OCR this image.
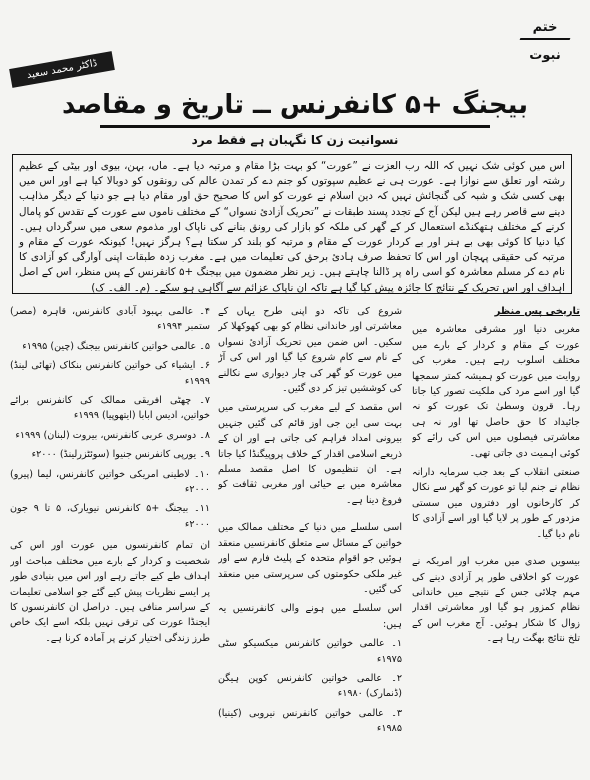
ختم نبوت
ڈاکٹر محمد سعید
بیجنگ +۵ کانفرنس ــ تاریخ و مقاصد
نسوانیت زن کا نگہبان ہے فقط مرد
اس میں کوئی شک نہیں کہ اللہ رب العزت نے ”عورت“ کو بہت بڑا مقام و مرتبہ دیا ہے۔ ماں، بہن، بیوی اور بیٹی کے عظیم رشتہ اور تعلق سے نوازا ہے۔ عورت ہی نے عظیم سپوتوں کو جنم دے کر تمدن عالم کی رونقوں کو دوبالا کیا ہے اور اس میں بھی کسی شک و شبہ کی گنجائش نہیں کہ دین اسلام نے عورت کو اس کا صحیح حق اور مقام دیا ہے جو دنیا کے دیگر مذاہب دینے سے قاصر رہے ہیں لیکن آج کے تجدد پسند طبقات نے ”تحریک آزادیٔ نسواں“ کے مختلف ناموں سے عورت کے تقدس کو پامال کرنے کے مختلف ہتھکنڈے استعمال کر کے گھر کی ملکہ کو بازار کی رونق بنانے کی ناپاک اور مذموم سعی میں سرگرداں ہیں۔ کیا دنیا کا کوئی بھی بے ہنر اور بے کردار عورت کے مقام و مرتبہ کو بلند کر سکتا ہے؟ ہرگز نہیں! کیونکہ عورت کے مقام و مرتبہ کی حقیقی پہچان اور اس کا تحفظ صرف ہادیٔ برحق کی تعلیمات میں ہے۔ مغرب زدہ طبقات اپنی آوارگی کو آزادی کا نام دے کر مسلم معاشرہ کو اسی راہ پر ڈالنا چاہتے ہیں۔ زیر نظر مضمون میں بیجنگ +۵ کانفرنس کے پس منظر، اس کے اصل اہداف اور اس تحریک کے نتائج کا جائزہ پیش کیا گیا ہے تاکہ ان ناپاک عزائم سے آگاہی ہو سکے۔ (م۔ الف۔ ک)
تاریخی پس منظر

مغربی دنیا اور مشرقی معاشرہ میں عورت کے مقام و کردار کے بارے میں مختلف اسلوب رہے ہیں۔ مغرب کی روایت میں عورت کو ہمیشہ کمتر سمجھا گیا اور اسے مرد کی ملکیت تصور کیا جاتا رہا۔ قرون وسطیٰ تک عورت کو نہ جائیداد کا حق حاصل تھا اور نہ ہی معاشرتی فیصلوں میں اس کی رائے کو کوئی اہمیت دی جاتی تھی۔

صنعتی انقلاب کے بعد جب سرمایہ دارانہ نظام نے جنم لیا تو عورت کو گھر سے نکال کر کارخانوں اور دفتروں میں سستی مزدور کے طور پر لایا گیا اور اسے آزادی کا نام دیا گیا۔

بیسویں صدی میں مغرب اور امریکہ نے عورت کو اخلاقی طور پر آزادی دینے کی مہم چلائی جس کے نتیجے میں خاندانی نظام کمزور ہو گیا اور معاشرتی اقدار زوال کا شکار ہوئیں۔ آج مغرب اس کے تلخ نتائج بھگت رہا ہے۔

شروع کی تاکہ دو اپنی طرح یہاں کے معاشرتی اور خاندانی نظام کو بھی کھوکھلا کر سکیں۔ اس ضمن میں تحریک آزادیٔ نسواں کے نام سے کام شروع کیا گیا اور اس کی آڑ میں عورت کو گھر کی چار دیواری سے نکالنے کی کوششیں تیز کر دی گئیں۔

اس مقصد کے لیے مغرب کی سرپرستی میں بہت سی این جی اوز قائم کی گئیں جنہیں بیرونی امداد فراہم کی جاتی ہے اور ان کے ذریعے اسلامی اقدار کے خلاف پروپیگنڈا کیا جاتا ہے۔ ان تنظیموں کا اصل مقصد مسلم معاشرہ میں بے حیائی اور مغربی ثقافت کو فروغ دینا ہے۔

اسی سلسلے میں دنیا کے مختلف ممالک میں خواتین کے مسائل سے متعلق کانفرنسیں منعقد ہوئیں جو اقوام متحدہ کے پلیٹ فارم سے اور غیر ملکی حکومتوں کی سرپرستی میں منعقد کی گئیں۔

اس سلسلے میں ہونے والی کانفرنسیں یہ ہیں:

۱۔ عالمی خواتین کانفرنس میکسیکو سٹی ۱۹۷۵ء
۲۔ عالمی خواتین کانفرنس کوپن ہیگن (ڈنمارک) ۱۹۸۰ء
۳۔ عالمی خواتین کانفرنس نیروبی (کینیا) ۱۹۸۵ء
۴۔ عالمی بہبود آبادی کانفرنس، قاہرہ (مصر) ستمبر ۱۹۹۴ء
۵۔ عالمی خواتین کانفرنس بیجنگ (چین) ۱۹۹۵ء
۶۔ ایشیاء کی خواتین کانفرنس بنکاک (تھائی لینڈ) ۱۹۹۹ء
۷۔ چھٹی افریقی ممالک کی کانفرنس برائے خواتین، ادیس ابابا (ایتھوپیا) ۱۹۹۹ء
۸۔ دوسری عربی کانفرنس، بیروت (لبنان) ۱۹۹۹ء
۹۔ یورپی کانفرنس جنیوا (سوئٹزرلینڈ) ۲۰۰۰ء
۱۰۔ لاطینی امریکی خواتین کانفرنس، لیما (پیرو) ۲۰۰۰ء
۱۱۔ بیجنگ +۵ کانفرنس نیویارک، ۵ تا ۹ جون ۲۰۰۰ء

ان تمام کانفرنسوں میں عورت اور اس کی شخصیت و کردار کے بارے میں مختلف مباحث اور اہداف طے کیے جاتے رہے اور اس میں بنیادی طور پر ایسے نظریات پیش کیے گئے جو اسلامی تعلیمات کے سراسر منافی ہیں۔ دراصل ان کانفرنسوں کا ایجنڈا عورت کی ترقی نہیں بلکہ اسے ایک خاص طرز زندگی اختیار کرنے پر آمادہ کرنا ہے۔
